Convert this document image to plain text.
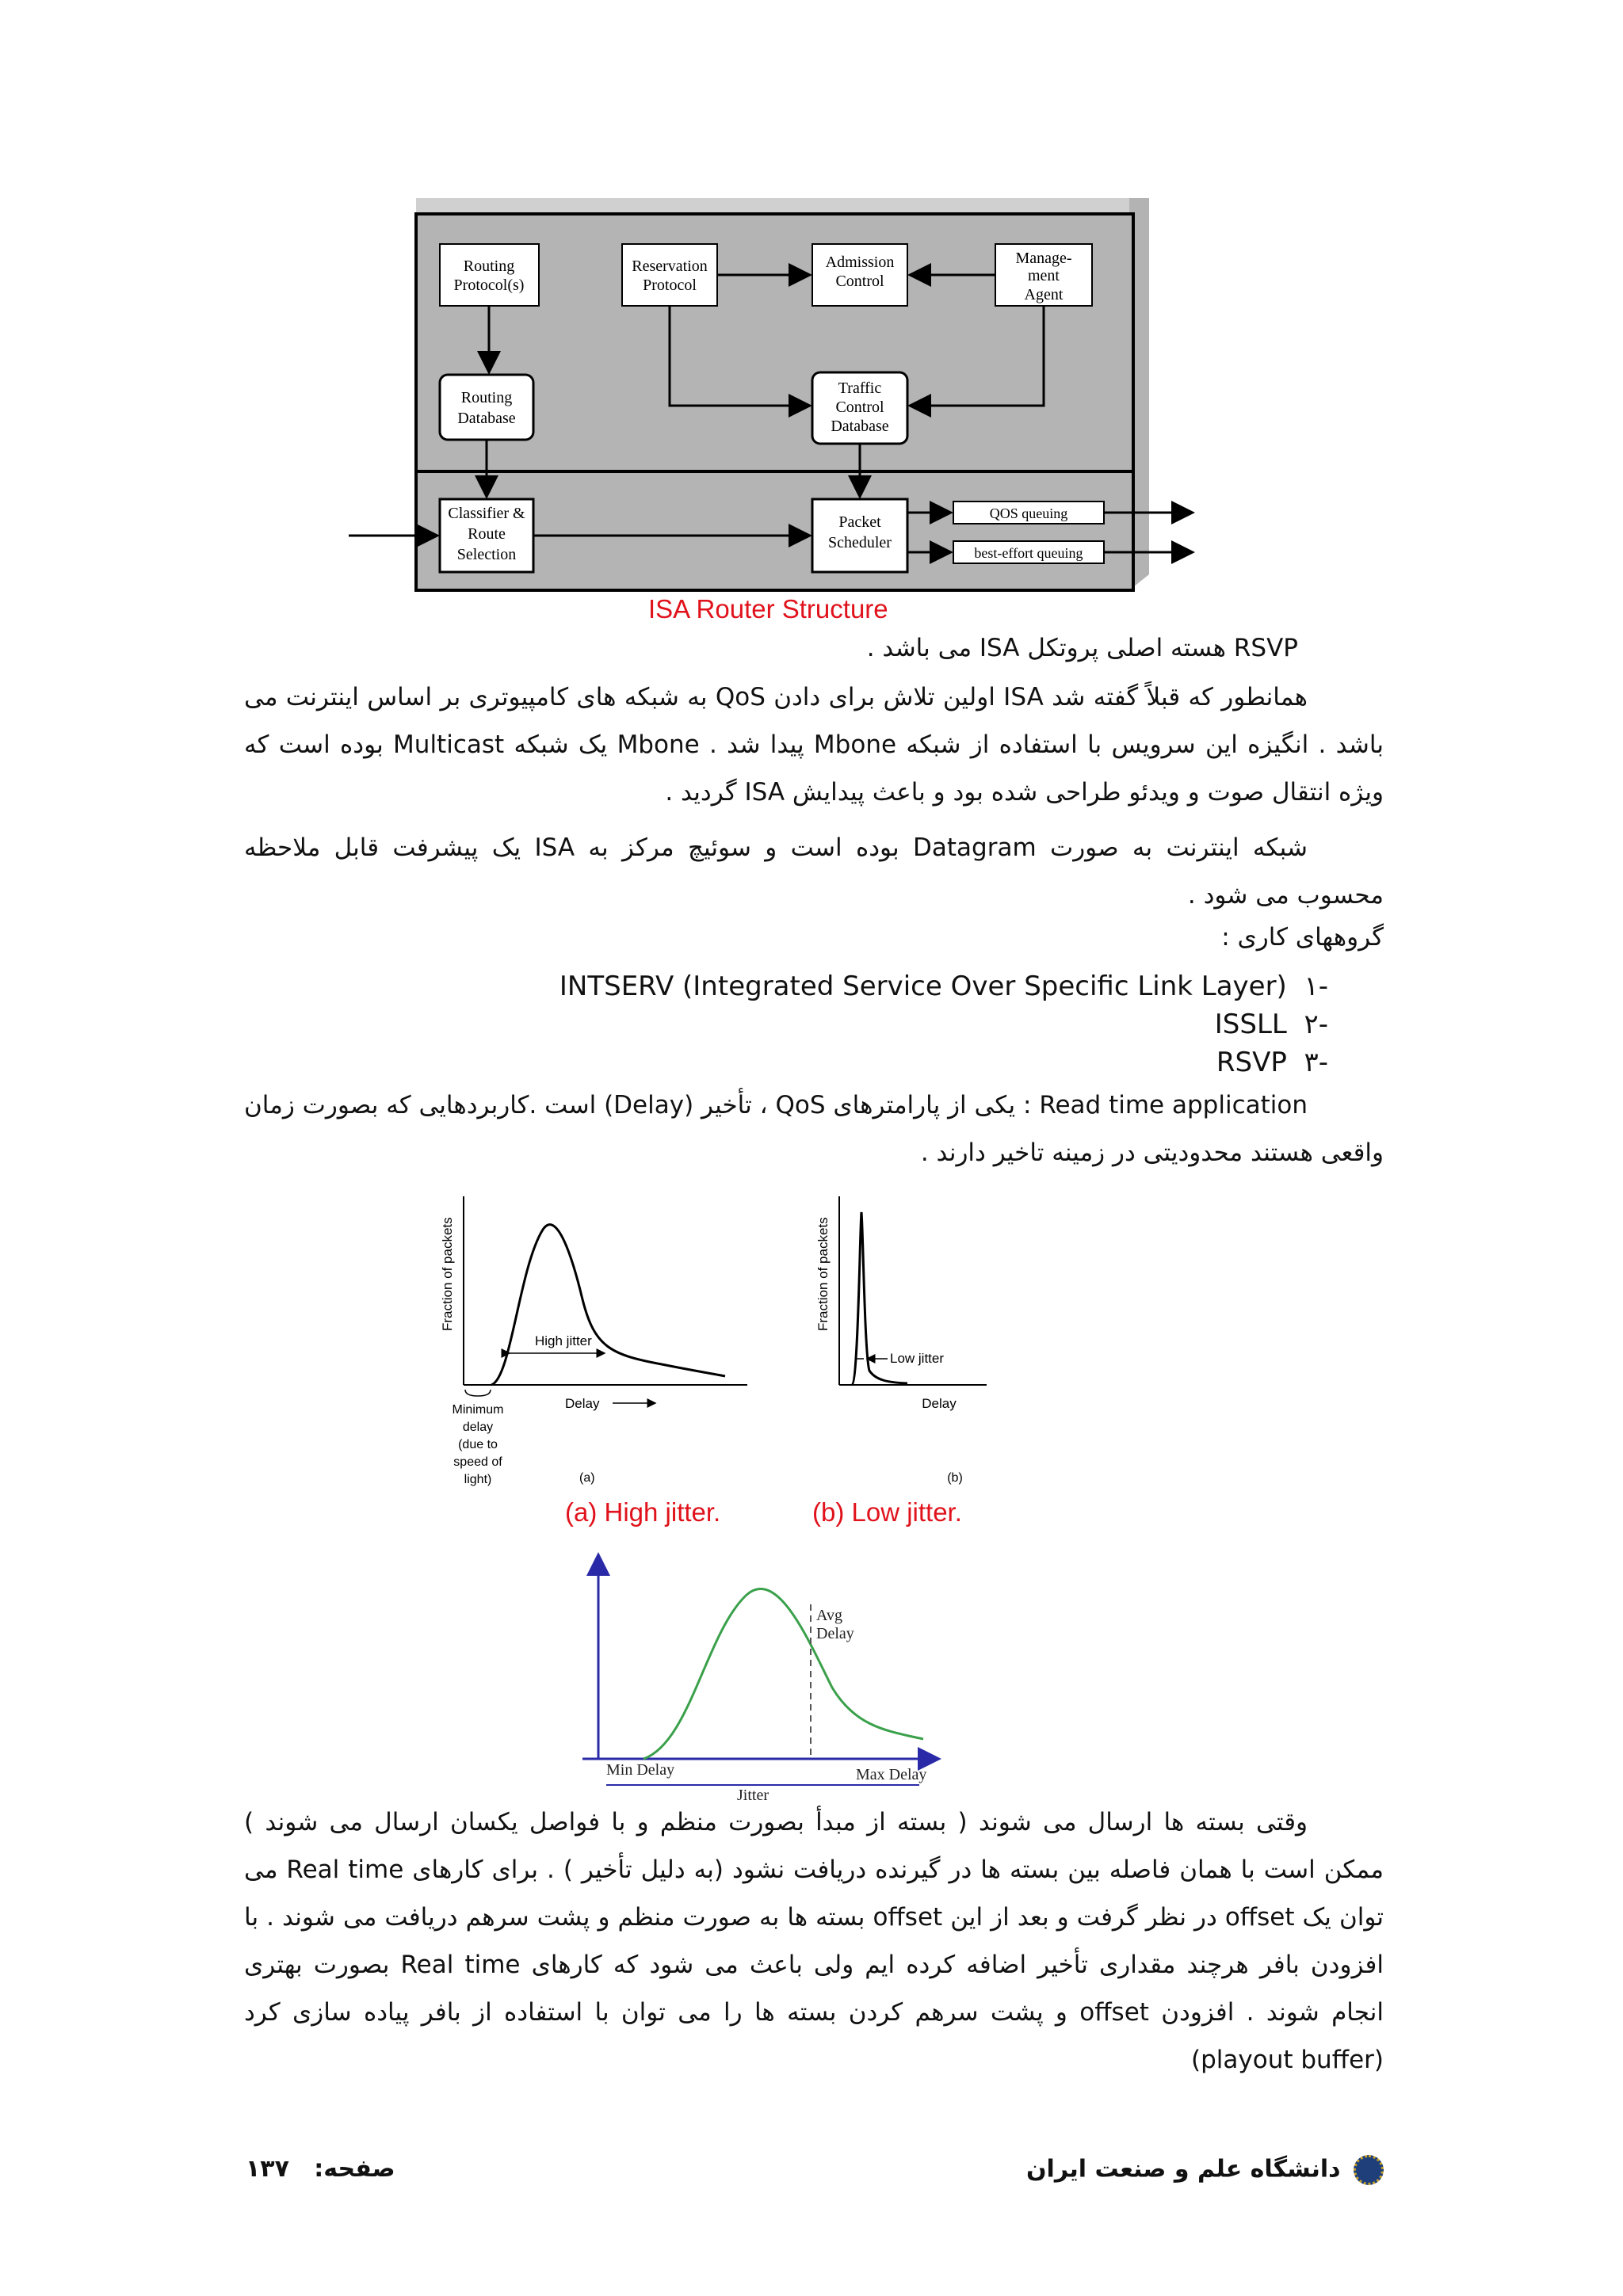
Routing
Protocol(s)
Reservation
Protocol
Admission
Control
Manage-
ment
Agent
Routing
Database
Traffic
Control
Database
Classifier &
Route
Selection
Packet
Scheduler
QOS queuing
best-effort queuing
ISA Router Structure
RSVP هسته اصلی پروتکل ISA می باشد .

همانطور که قبلاً گفته شد ISA اولین تلاش برای دادن QoS به شبکه های کامپیوتری بر اساس اینترنت می باشد . انگیزه این سرویس با استفاده از شبکه Mbone پیدا شد . Mbone یک شبکه Multicast بوده است که ویژه انتقال صوت و ویدئو طراحی شده بود و باعث پیدایش ISA گردید .

شبکه اینترنت به صورت Datagram بوده است و سوئیچ مرکز به ISA یک پیشرفت قابل ملاحظه محسوب می شود .

گروههای کاری :
-۱  INTSERV (Integrated Service Over Specific Link Layer)
-۲  ISSLL
-۳  RSVP

Read time application : یکی از پارامترهای QoS ، تأخیر (Delay) است .کاربردهایی که بصورت زمان واقعی هستند محدودیتی در زمینه تاخیر دارند .

Fraction of packets
High jitter
Minimum
delay
(due to
speed of
light)
Delay
(a)
Fraction of packets
Low jitter
Delay
(b)
(a) High jitter.	(b) Low jitter.
Avg
Delay
Min Delay	Max Delay
Jitter

وقتی بسته ها ارسال می شوند ( بسته از مبدأ بصورت منظم و با فواصل یکسان ارسال می شوند ) ممکن است با همان فاصله بین بسته ها در گیرنده دریافت نشود (به دلیل تأخیر ) . برای کارهای Real time می توان یک offset در نظر گرفت و بعد از این offset بسته ها به صورت منظم و پشت سرهم دریافت می شوند . با افزودن بافر هرچند مقداری تأخیر اضافه کرده ایم ولی باعث می شود که کارهای Real time بصورت بهتری انجام شوند . افزودن offset و پشت سرهم کردن بسته ها را می توان با استفاده از بافر پیاده سازی کرد (playout buffer)

دانشگاه علم و صنعت ایران
صفحه:   ۱۳۷
